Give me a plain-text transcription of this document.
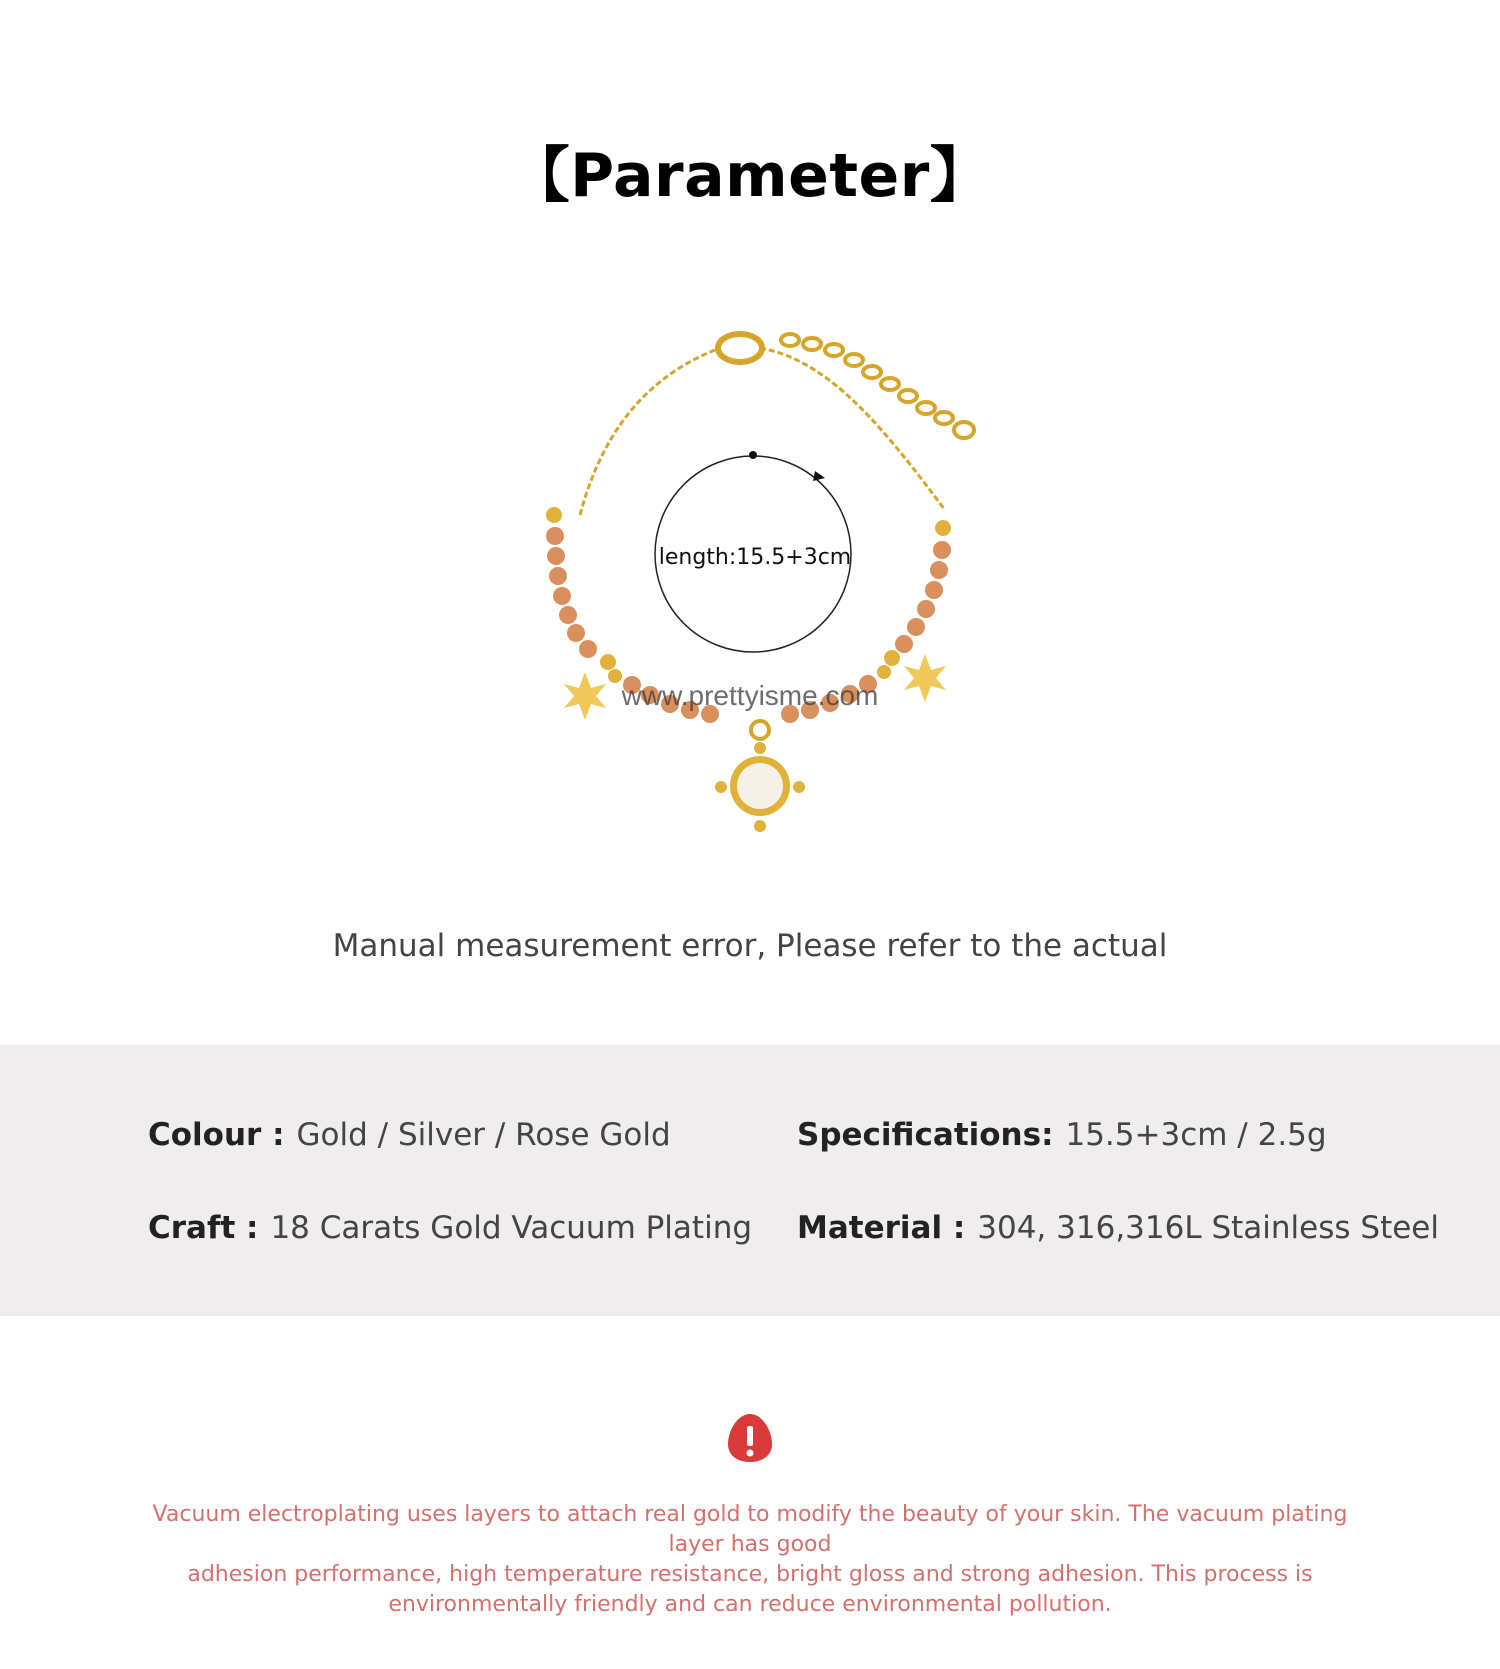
【Parameter】
length:15.5+3cm
www.prettyisme.com
Manual measurement error, Please refer to the actual
Colour : Gold / Silver / Rose Gold	Specifications: 15.5+3cm / 2.5g
Craft : 18 Carats Gold Vacuum Plating Material : 304, 316,316L Stainless Steel
Vacuum electroplating uses layers to attach real gold to modify the beauty of your skin. The vacuum plating layer has good
adhesion performance, high temperature resistance, bright gloss and strong adhesion. This process is
environmentally friendly and can reduce environmental pollution.
